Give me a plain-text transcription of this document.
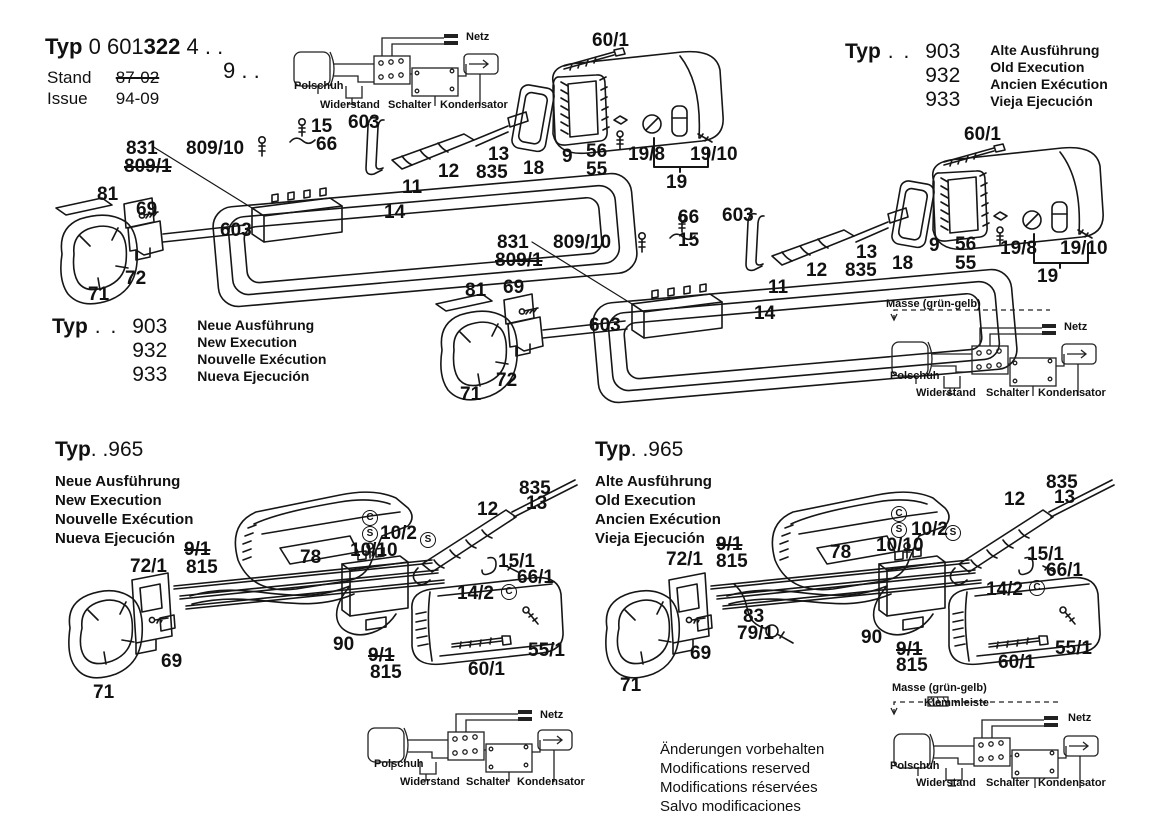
Typ 0 601322 4 . .
9 . .
Stand 87-02
Issue 94-09
Typ . . 903
932
933
Alte Ausführung
Old Execution
Ancien Exécution
Vieja Ejecución
Typ . . 903
932
933
Neue Ausführung
New Execution
Nouvelle Exécution
Nueva Ejecución
Typ . .965
Neue Ausführung
New Execution
Nouvelle Exécution
Nueva Ejecución
Typ . .965
Alte Ausführung
Old Execution
Ancien Exécution
Vieja Ejecución
60/1
831
809/1
809/10
15
66
603
13
835 18
9 56
55
19/8 19/10
19
12
11
14
81
69
603
72
71
831
809/1
809/10
66
15
603
60/1
13
835 18
9 56
55
19/8 19/10
19
12
11
14
81 69
603
72
71
72/1
9/1
815	78 10/10
10/2
C
S
S
835
13
12
15/1
66/1
14/2	C
90
9/1
815	60/1
55/1
69
71
72/1
9/1
815	78 10/10
10/2
C
S	S
835
13
12
15/1
66/1
14/2	C
83
79/1	90
9/1
815	60/1
55/1
69
71
Netz
Polschuh
Widerstand Schalter Kondensator
Masse (grün-gelb)
Netz
Polschuh
Widerstand Schalter Kondensator
Netz
Polschuh
Widerstand Schalter Kondensator
Masse (grün-gelb)
Klemmleiste
Netz
Polschuh
Widerstand Schalter Kondensator
Änderungen vorbehalten
Modifications reserved
Modifications réservées
Salvo modificaciones
